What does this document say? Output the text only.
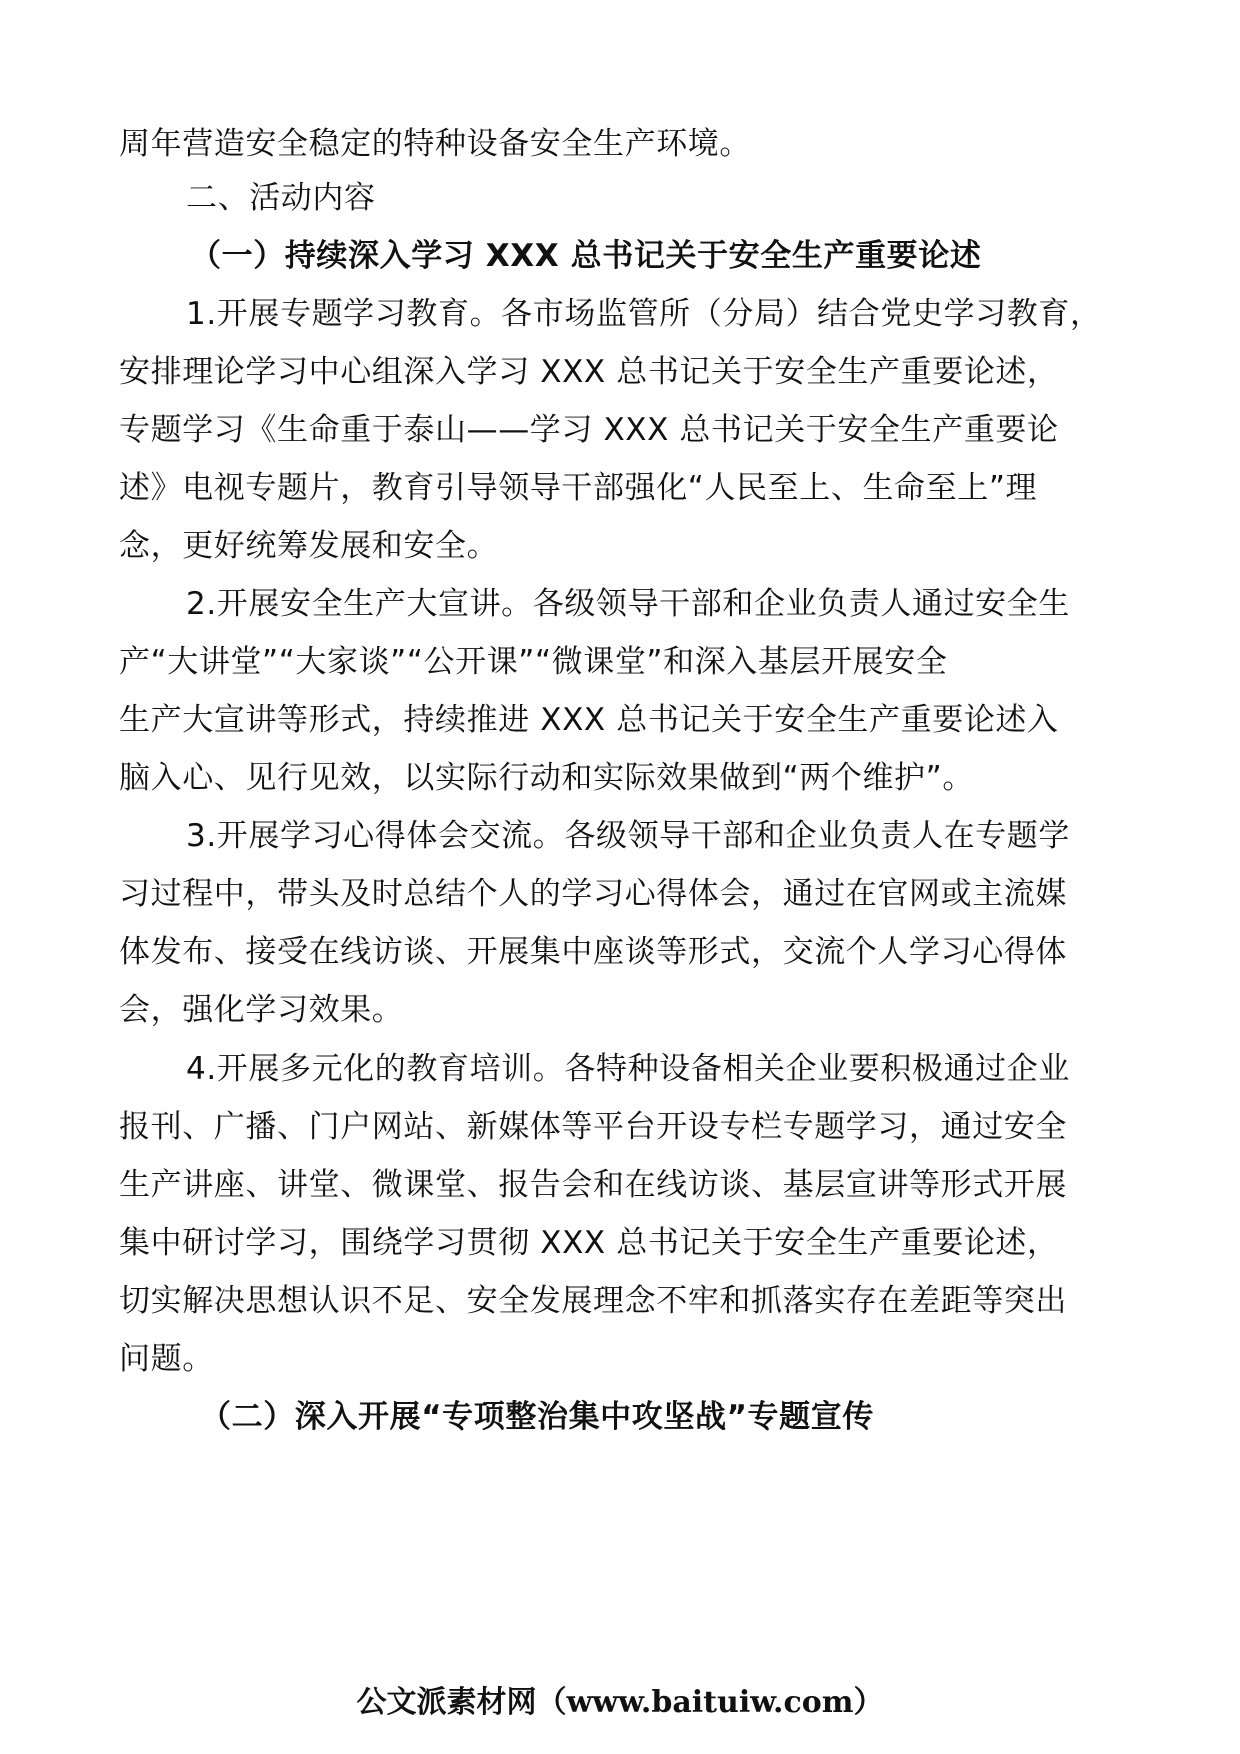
周年营造安全稳定的特种设备安全生产环境。
二、活动内容
（一）持续深入学习 XXX 总书记关于安全生产重要论述
1.开展专题学习教育。各市场监管所（分局）结合党史学习教育，
安排理论学习中心组深入学习 XXX 总书记关于安全生产重要论述，
专题学习《生命重于泰山——学习 XXX 总书记关于安全生产重要论
述》电视专题片，教育引导领导干部强化“人民至上、生命至上”理
念，更好统筹发展和安全。
2.开展安全生产大宣讲。各级领导干部和企业负责人通过安全生
产“大讲堂”“大家谈”“公开课”“微课堂”和深入基层开展安全
生产大宣讲等形式，持续推进 XXX 总书记关于安全生产重要论述入
脑入心、见行见效，以实际行动和实际效果做到“两个维护”。
3.开展学习心得体会交流。各级领导干部和企业负责人在专题学
习过程中，带头及时总结个人的学习心得体会，通过在官网或主流媒
体发布、接受在线访谈、开展集中座谈等形式，交流个人学习心得体
会，强化学习效果。
4.开展多元化的教育培训。各特种设备相关企业要积极通过企业
报刊、广播、门户网站、新媒体等平台开设专栏专题学习，通过安全
生产讲座、讲堂、微课堂、报告会和在线访谈、基层宣讲等形式开展
集中研讨学习，围绕学习贯彻 XXX 总书记关于安全生产重要论述，
切实解决思想认识不足、安全发展理念不牢和抓落实存在差距等突出
问题。
（二）深入开展“专项整治集中攻坚战”专题宣传
公文派素材网（www.baituiw.com）
